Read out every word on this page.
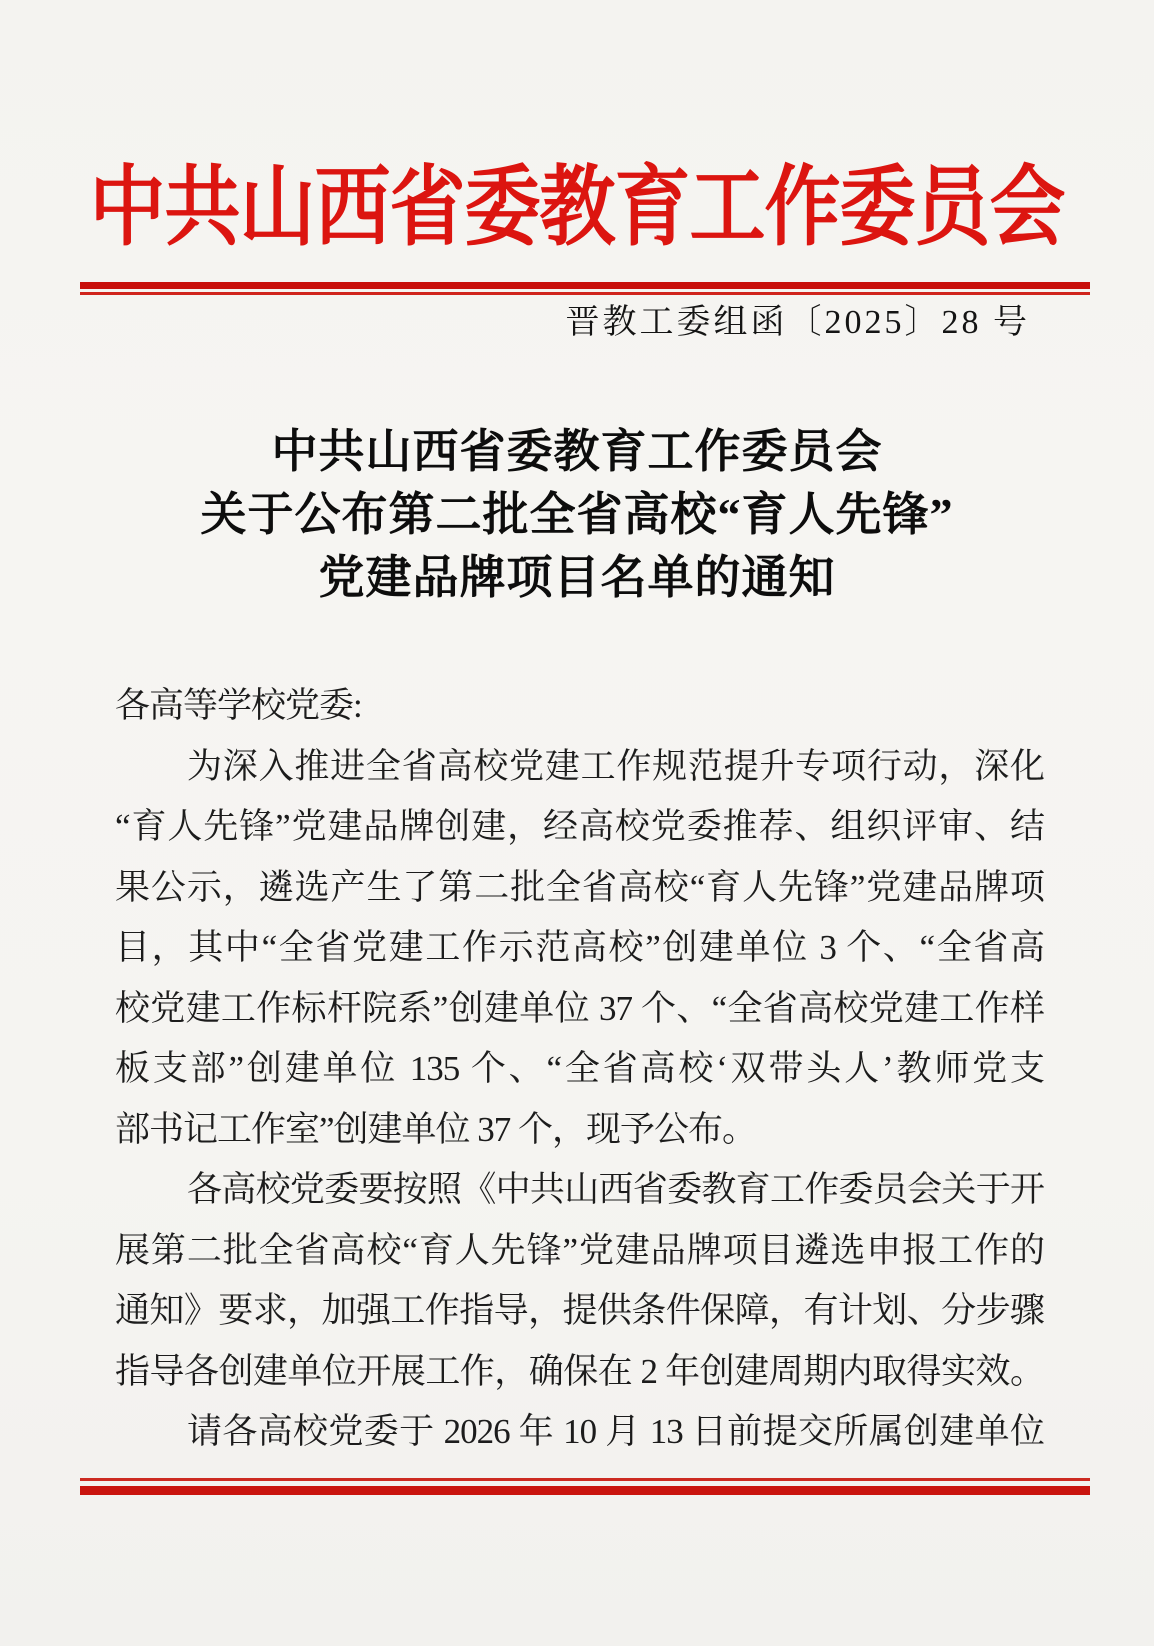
中共山西省委教育工作委员会
晋教工委组函〔2025〕28 号
中共山西省委教育工作委员会
关于公布第二批全省高校“育人先锋”
党建品牌项目名单的通知
各高等学校党委:
为深入推进全省高校党建工作规范提升专项行动，深化
“育人先锋”党建品牌创建，经高校党委推荐、组织评审、结
果公示，遴选产生了第二批全省高校“育人先锋”党建品牌项
目，其中“全省党建工作示范高校”创建单位 3 个、“全省高
校党建工作标杆院系”创建单位 37 个、“全省高校党建工作样
板支部”创建单位 135 个、“全省高校‘双带头人’教师党支
部书记工作室”创建单位 37 个，现予公布。
各高校党委要按照《中共山西省委教育工作委员会关于开
展第二批全省高校“育人先锋”党建品牌项目遴选申报工作的
通知》要求，加强工作指导，提供条件保障，有计划、分步骤
指导各创建单位开展工作，确保在 2 年创建周期内取得实效。
请各高校党委于 2026 年 10 月 13 日前提交所属创建单位
